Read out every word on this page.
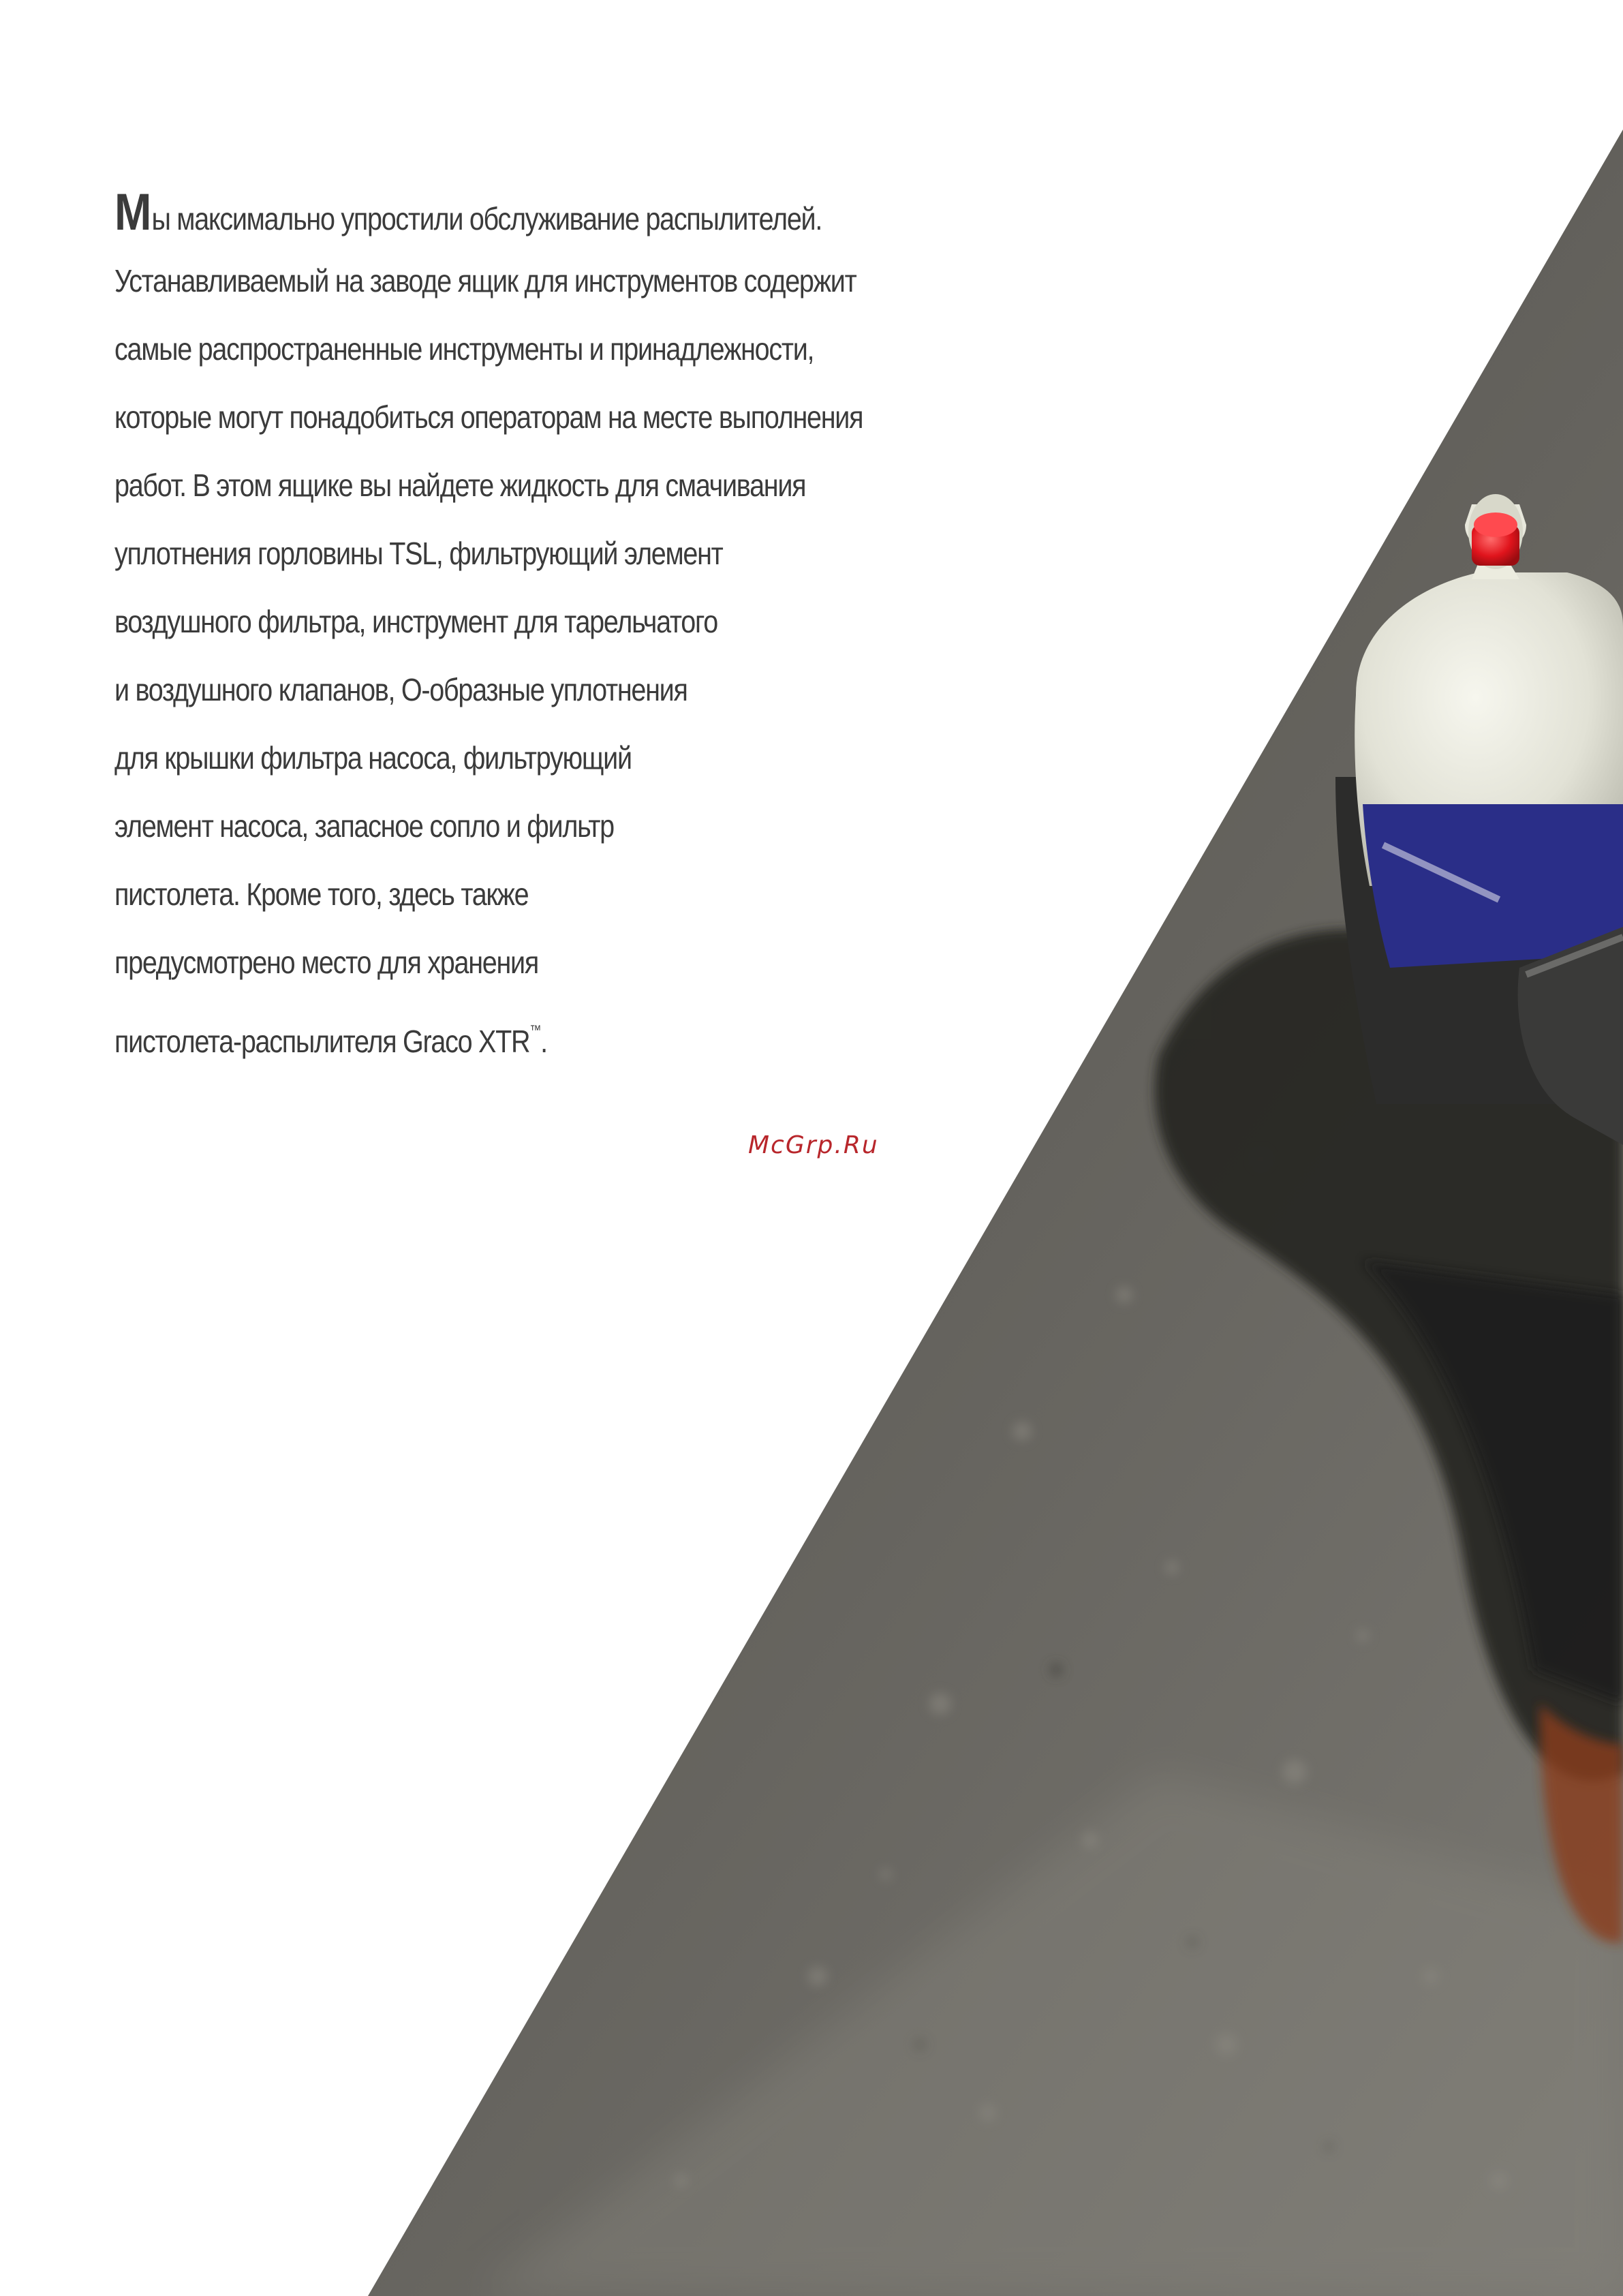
Мы максимально упростили обслуживание распылителей.
Устанавливаемый на заводе ящик для инструментов содержит
самые распространенные инструменты и принадлежности,
которые могут понадобиться операторам на месте выполнения
работ. В этом ящике вы найдете жидкость для смачивания
уплотнения горловины TSL, фильтрующий элемент
воздушного фильтра, инструмент для тарельчатого
и воздушного клапанов, О-образные уплотнения
для крышки фильтра насоса, фильтрующий
элемент насоса, запасное сопло и фильтр
пистолета. Кроме того, здесь также
предусмотрено место для хранения
пистолета-распылителя Graco XTR™.
McGrp.Ru
